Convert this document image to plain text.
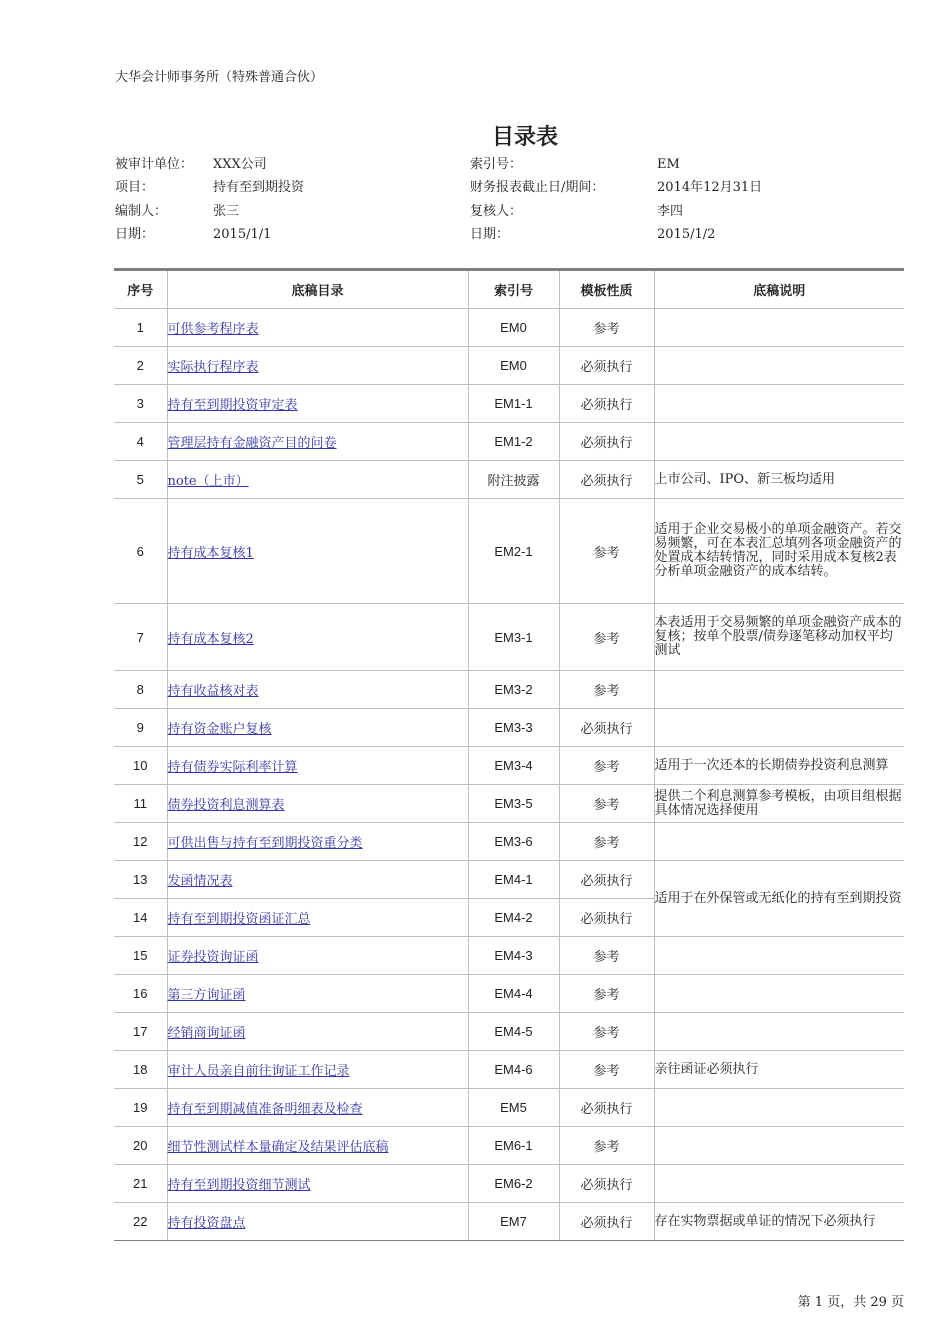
大华会计师事务所（特殊普通合伙）
目录表
被审计单位： XXX公司	索引号：	EM
项目：	持有至到期投资	财务报表截止日/期间：	2014年12月31日
编制人：	张三	复核人：	李四
日期：	2015/1/1	日期：	2015/1/2
序号	底稿目录	索引号	模板性质	底稿说明
1	可供参考程序表	EM0	参考	
2	实际执行程序表	EM0	必须执行	
3	持有至到期投资审定表	EM1-1	必须执行	
4	管理层持有金融资产目的问卷	EM1-2	必须执行	
5	note（上市）	附注披露	必须执行	上市公司、IPO、新三板均适用
6	持有成本复核1	EM2-1	参考	适用于企业交易极小的单项金融资产。若交易频繁，可在本表汇总填列各项金融资产的处置成本结转情况，同时采用成本复核2表分析单项金融资产的成本结转。
7	持有成本复核2	EM3-1	参考	本表适用于交易频繁的单项金融资产成本的复核；按单个股票/债券逐笔移动加权平均测试
8	持有收益核对表	EM3-2	参考	
9	持有资金账户复核	EM3-3	必须执行	
10	持有债券实际利率计算	EM3-4	参考	适用于一次还本的长期债券投资利息测算
11	债券投资利息测算表	EM3-5	参考	提供二个利息测算参考模板，由项目组根据具体情况选择使用
12	可供出售与持有至到期投资重分类	EM3-6	参考	
13	发函情况表	EM4-1	必须执行	适用于在外保管或无纸化的持有至到期投资
14	持有至到期投资函证汇总	EM4-2	必须执行	
15	证券投资询证函	EM4-3	参考	
16	第三方询证函	EM4-4	参考	
17	经销商询证函	EM4-5	参考	
18	审计人员亲自前往询证工作记录	EM4-6	参考	亲往函证必须执行
19	持有至到期减值准备明细表及检查	EM5	必须执行	
20	细节性测试样本量确定及结果评估底稿	EM6-1	参考	
21	持有至到期投资细节测试	EM6-2	必须执行	
22	持有投资盘点	EM7	必须执行	存在实物票据或单证的情况下必须执行
第 1 页，共 29 页
